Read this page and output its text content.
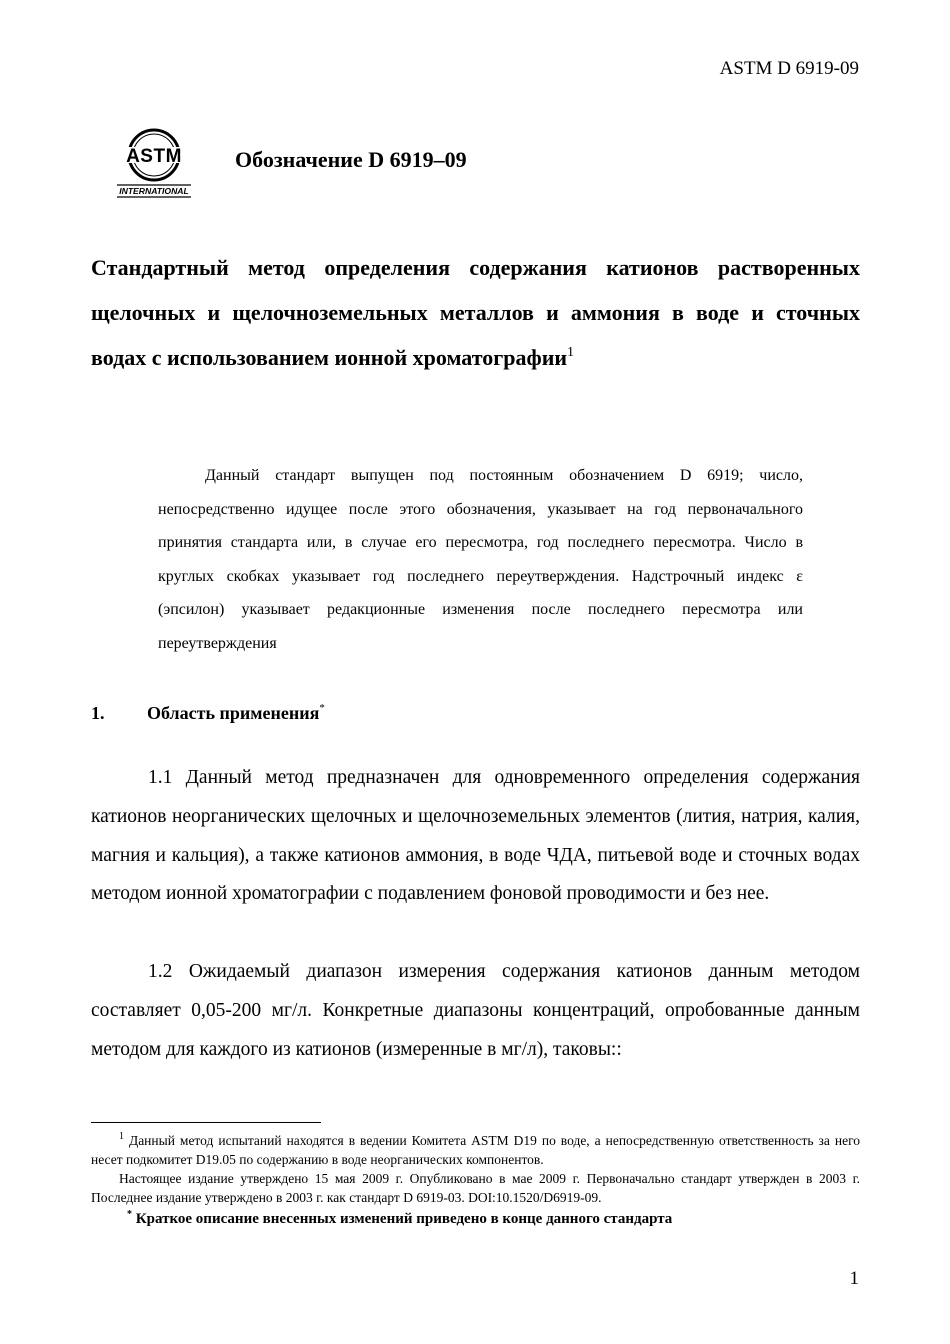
ASTM D 6919-09
ASTM
INTERNATIONAL
Обозначение D 6919–09
Стандартный метод определения содержания катионов растворенных щелочных и щелочноземельных металлов и аммония в воде и сточных водах с использованием ионной хроматографии$^1$
Данный стандарт выпущен под постоянным обозначением D 6919; число, непосредственно идущее после этого обозначения, указывает на год первоначального принятия стандарта или, в случае его пересмотра, год последнего пересмотра. Число в круглых скобках указывает год последнего переутверждения. Надстрочный индекс ε (эпсилон) указывает редакционные изменения после последнего пересмотра или переутверждения
1. Область применения*
1.1 Данный метод предназначен для одновременного определения содержания катионов неорганических щелочных и щелочноземельных элементов (лития, натрия, калия, магния и кальция), а также катионов аммония, в воде ЧДА, питьевой воде и сточных водах методом ионной хроматографии с подавлением фоновой проводимости и без нее.
1.2 Ожидаемый диапазон измерения содержания катионов данным методом составляет 0,05-200 мг/л. Конкретные диапазоны концентраций, опробованные данным методом для каждого из катионов (измеренные в мг/л), таковы::

$^1$ Данный метод испытаний находятся в ведении Комитета ASTM D19 по воде, а непосредственную ответственность за него несет подкомитет D19.05 по содержанию в воде неорганических компонентов.

Настоящее издание утверждено 15 мая 2009 г. Опубликовано в мае 2009 г. Первоначально стандарт утвержден в 2003 г. Последнее издание утверждено в 2003 г. как стандарт D 6919-03. DOI:10.1520/D6919-09.

* Краткое описание внесенных изменений приведено в конце данного стандарта

1
